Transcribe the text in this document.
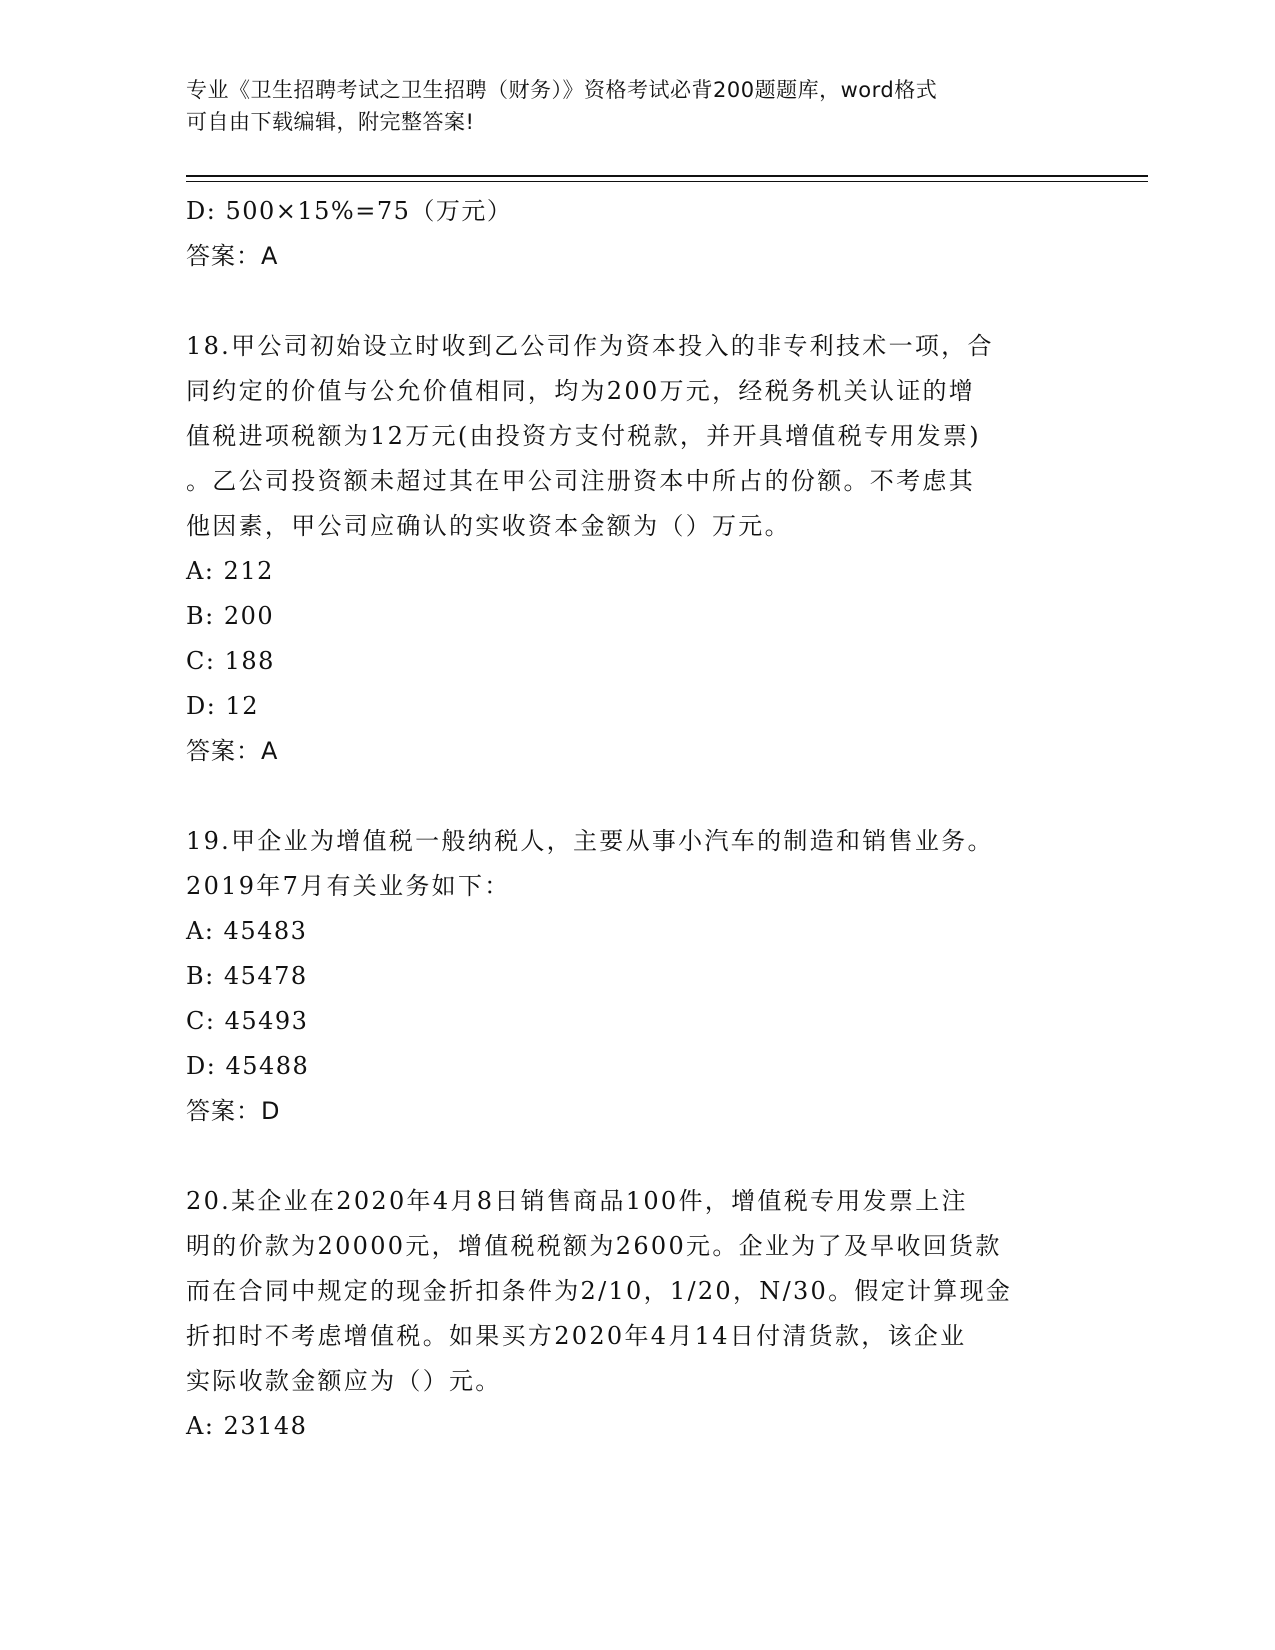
专业《卫生招聘考试之卫生招聘（财务）》资格考试必背200题题库，word格式
可自由下载编辑，附完整答案!
D: 500×15%=75（万元）
答案：A
18.甲公司初始设立时收到乙公司作为资本投入的非专利技术一项，合
同约定的价值与公允价值相同，均为200万元，经税务机关认证的增
值税进项税额为12万元(由投资方支付税款，并开具增值税专用发票)
。乙公司投资额未超过其在甲公司注册资本中所占的份额。不考虑其
他因素，甲公司应确认的实收资本金额为（）万元。
A: 212
B: 200
C: 188
D: 12
答案：A
19.甲企业为增值税一般纳税人，主要从事小汽车的制造和销售业务。
2019年7月有关业务如下：
A: 45483
B: 45478
C: 45493
D: 45488
答案：D
20.某企业在2020年4月8日销售商品100件，增值税专用发票上注
明的价款为20000元，增值税税额为2600元。企业为了及早收回货款
而在合同中规定的现金折扣条件为2/10，1/20，N/30。假定计算现金
折扣时不考虑增值税。如果买方2020年4月14日付清货款，该企业
实际收款金额应为（）元。
A: 23148
